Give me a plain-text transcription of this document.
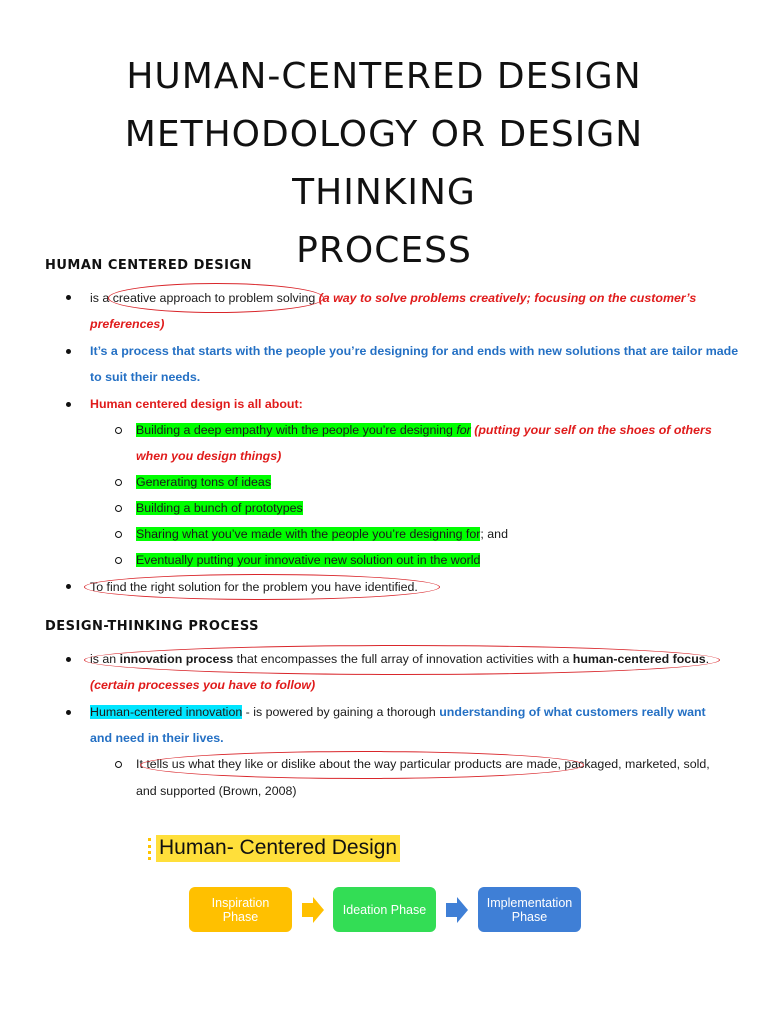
HUMAN-CENTERED DESIGN
METHODOLOGY OR DESIGN THINKING
PROCESS
HUMAN CENTERED DESIGN
is a creative approach to problem solving (a way to solve problems creatively; focusing on the customer’s
preferences)
It’s a process that starts with the people you’re designing for and ends with new solutions that are tailor made
to suit their needs.
Human centered design is all about:
Building a deep empathy with the people you’re designing for (putting your self on the shoes of others
when you design things)
Generating tons of ideas
Building a bunch of prototypes
Sharing what you’ve made with the people you’re designing for; and
Eventually putting your innovative new solution out in the world
To find the right solution for the problem you have identified.
DESIGN-THINKING PROCESS
is an innovation process that encompasses the full array of innovation activities with a human-centered focus.
(certain processes you have to follow)
Human-centered innovation - is powered by gaining a thorough understanding of what customers really want
and need in their lives.
It tells us what they like or dislike about the way particular products are made, packaged, marketed, sold,
and supported (Brown, 2008)
Human- Centered Design
Inspiration
Phase	Ideation Phase	Implementation
Phase
